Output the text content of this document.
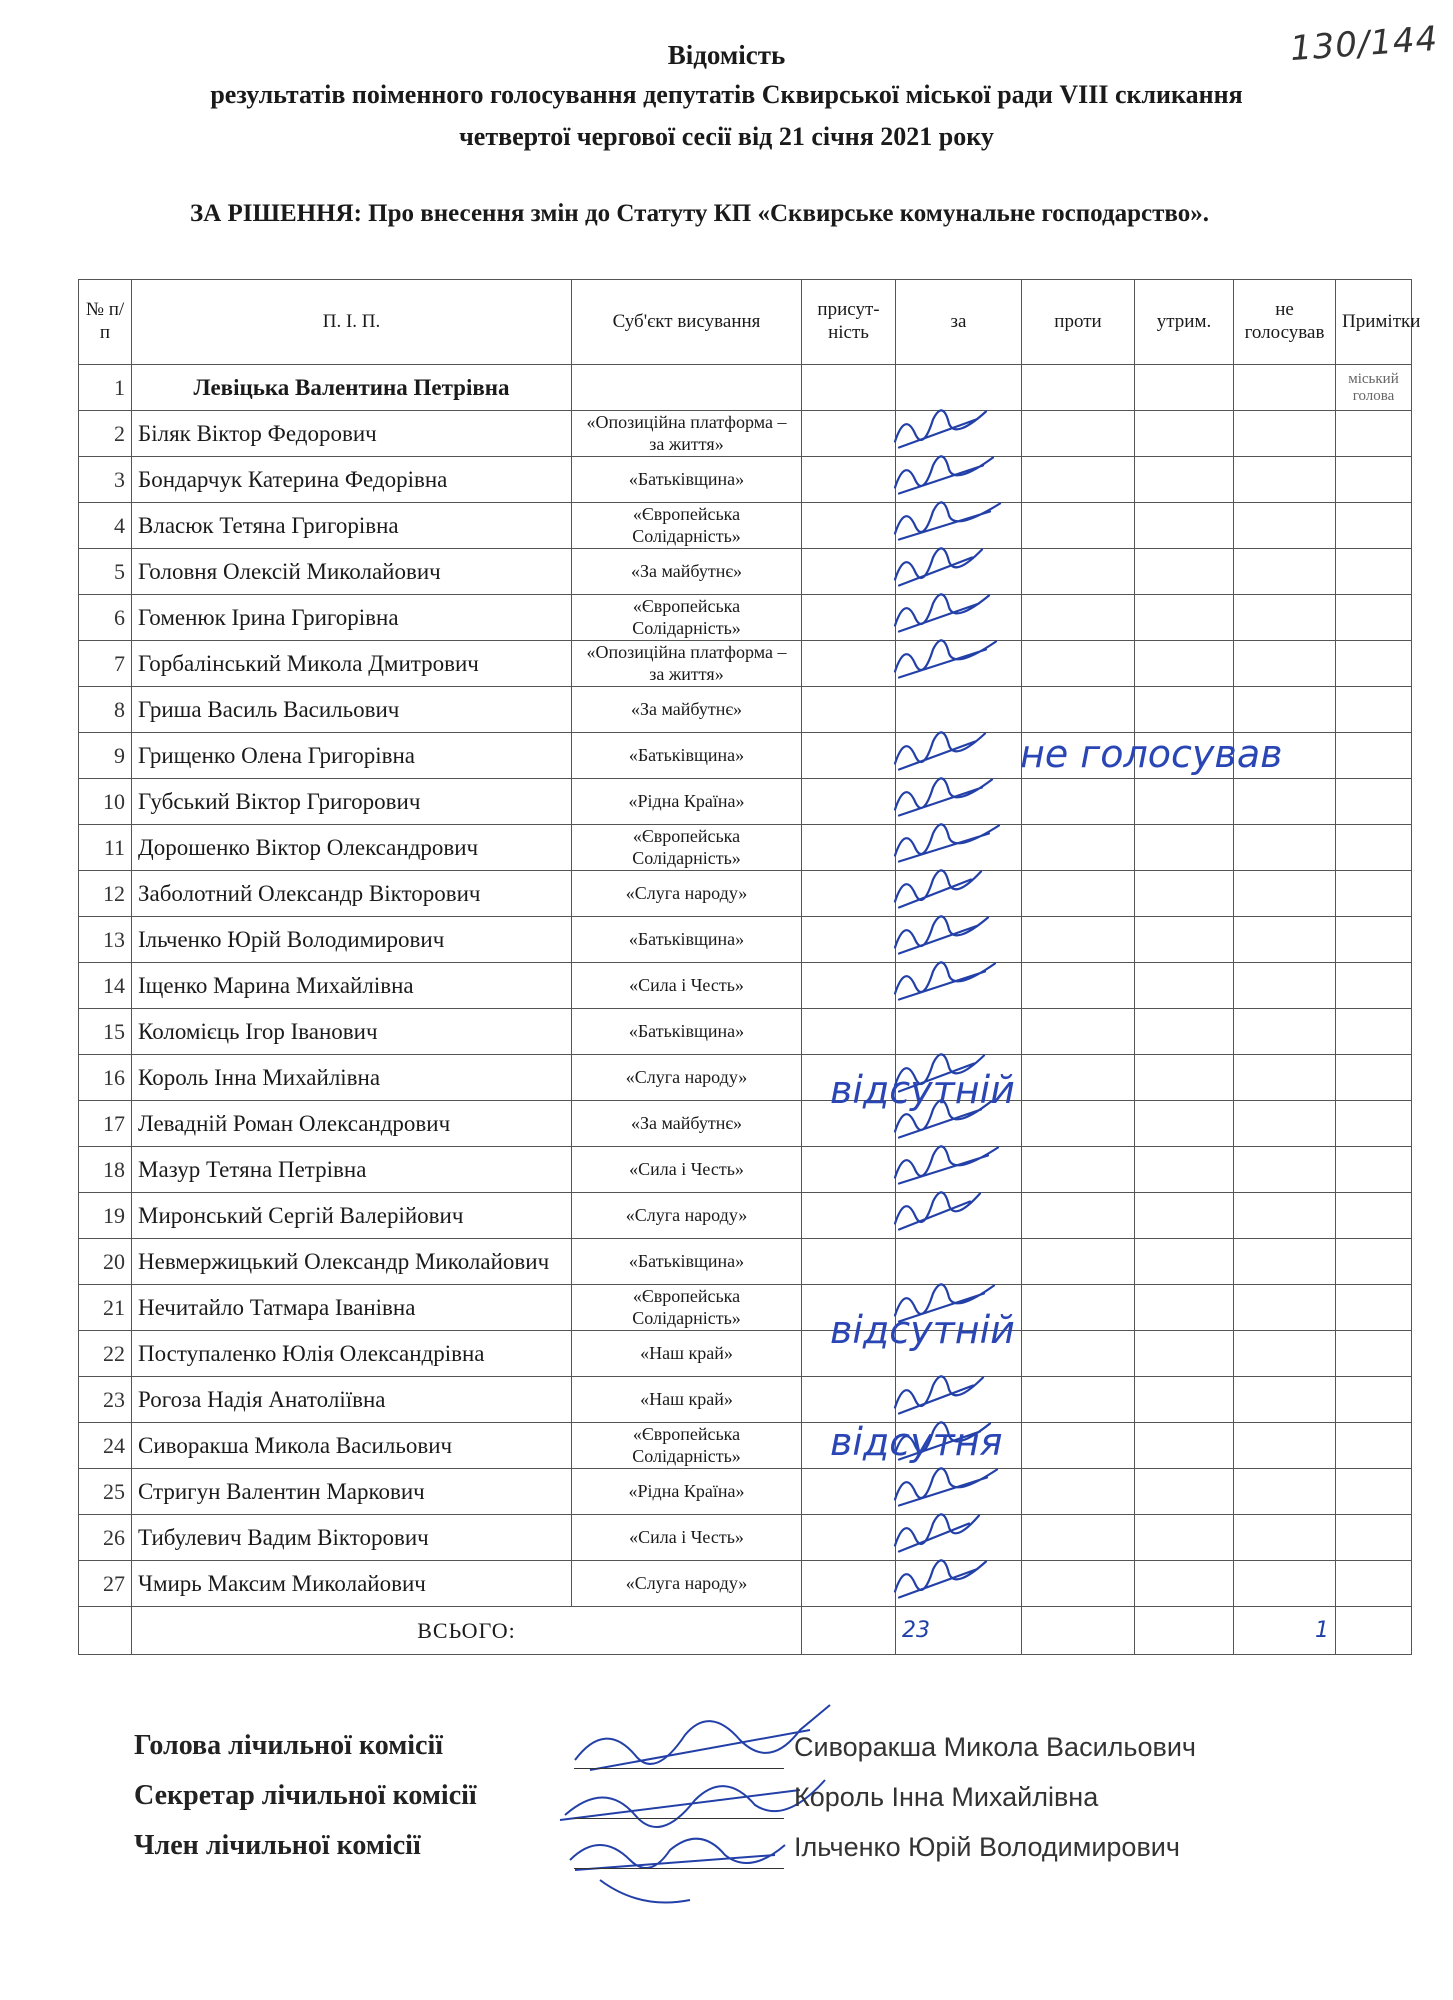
130/144
Відомість
результатів поіменного голосування депутатів Сквирської міської ради VIII скликання
четвертої чергової сесії від 21 січня 2021 року
ЗА РІШЕННЯ: Про внесення змін до Статуту КП «Сквирське комунальне господарство».
№ п/п	П. І. П.	Суб'єкт висування	присут-ність	за	проти	утрим.	не голосував	Примітки
1	Левіцька Валентина Петрівна							міський голова
2	Біляк Віктор Федорович	«Опозиційна платформа – за життя»						
3	Бондарчук Катерина Федорівна	«Батьківщина»						
4	Власюк Тетяна Григорівна	«Європейська Солідарність»						
5	Головня Олексій Миколайович	«За майбутнє»						
6	Гоменюк Ірина Григорівна	«Європейська Солідарність»						
7	Горбалінський Микола Дмитрович	«Опозиційна платформа – за життя»						
8	Гриша Василь Васильович	«За майбутнє»						
9	Грищенко Олена Григорівна	«Батьківщина»						
10	Губський Віктор Григорович	«Рідна Країна»						
11	Дорошенко Віктор Олександрович	«Європейська Солідарність»						
12	Заболотний Олександр Вікторович	«Слуга народу»						
13	Ільченко Юрій Володимирович	«Батьківщина»						
14	Іщенко Марина Михайлівна	«Сила і Честь»						
15	Коломієць Ігор Іванович	«Батьківщина»						
16	Король Інна Михайлівна	«Слуга народу»						
17	Левадній Роман Олександрович	«За майбутнє»						
18	Мазур Тетяна Петрівна	«Сила і Честь»						
19	Миронський Сергій Валерійович	«Слуга народу»						
20	Невмержицький Олександр Миколайович	«Батьківщина»						
21	Нечитайло Татмара Іванівна	«Європейська Солідарність»						
22	Поступаленко Юлія Олександрівна	«Наш край»						
23	Рогоза Надія Анатоліївна	«Наш край»						
24	Сиворакша Микола Васильович	«Європейська Солідарність»						
25	Стригун Валентин Маркович	«Рідна Країна»						
26	Тибулевич Вадим Вікторович	«Сила і Честь»						
27	Чмирь Максим Миколайович	«Слуга народу»						
	ВСЬОГО:			23			1	
не голосував
відсутній
відсутній
відсутня
Голова лічильної комісії	Сиворакша Микола Васильович
Секретар лічильної комісії	Король Інна Михайлівна
Член лічильної комісії	Ільченко Юрій Володимирович
